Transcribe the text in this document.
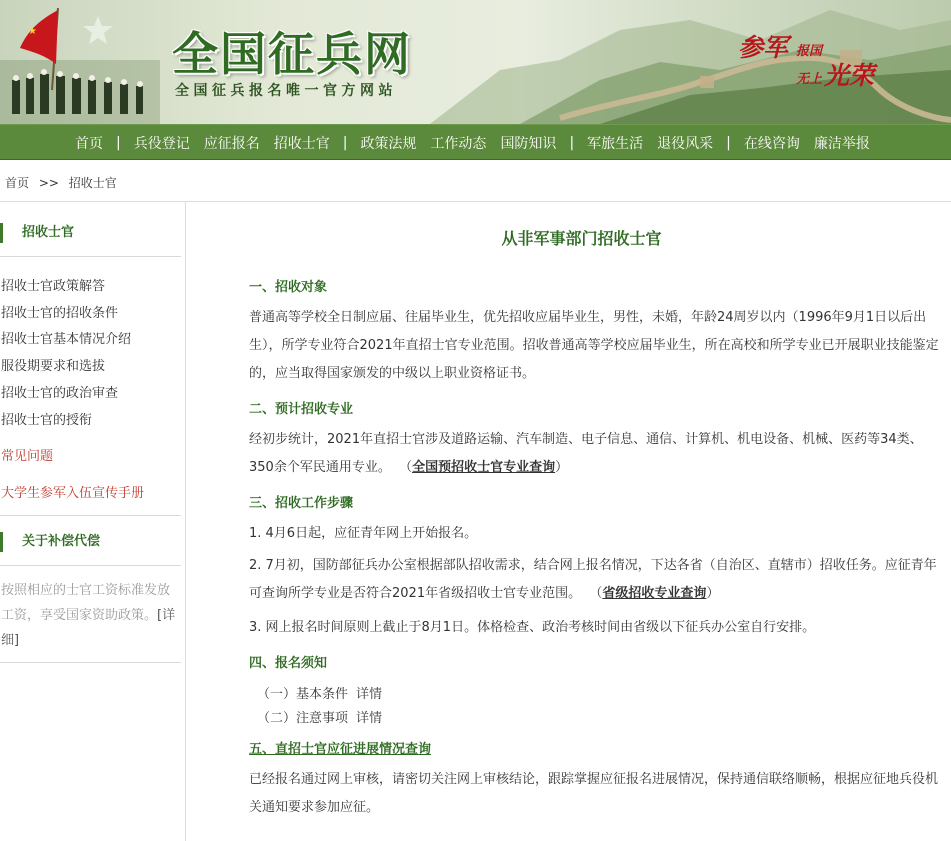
★	全国征兵网
全国征兵报名唯一官方网站
参军 报国
无上 光荣
首页 | 兵役登记	应征报名	招收士官 | 政策法规	工作动态	国防知识 | 军旅生活	退役风采 | 在线咨询	廉洁举报
首页 >> 招收士官
招收士官
招收士官政策解答
招收士官的招收条件
招收士官基本情况介绍
服役期要求和选拔
招收士官的政治审查
招收士官的授衔
常见问题
大学生参军入伍宣传手册
关于补偿代偿
按照相应的士官工资标准发放工资，享受国家资助政策。[详细]
从非军事部门招收士官
一、招收对象
普通高等学校全日制应届、往届毕业生，优先招收应届毕业生，男性，未婚，年龄24周岁以内（1996年9月1日以后出生），所学专业符合2021年直招士官专业范围。招收普通高等学校应届毕业生，所在高校和所学专业已开展职业技能鉴定的，应当取得国家颁发的中级以上职业资格证书。
二、预计招收专业
经初步统计，2021年直招士官涉及道路运输、汽车制造、电子信息、通信、计算机、机电设备、机械、医药等34类、350余个军民通用专业。  （全国预招收士官专业查询）
三、招收工作步骤
1. 4月6日起，应征青年网上开始报名。
2. 7月初，国防部征兵办公室根据部队招收需求，结合网上报名情况，下达各省（自治区、直辖市）招收任务。应征青年可查询所学专业是否符合2021年省级招收士官专业范围。  （省级招收专业查询）
3. 网上报名时间原则上截止于8月1日。体格检查、政治考核时间由省级以下征兵办公室自行安排。
四、报名须知
（一）基本条件 详情
（二）注意事项 详情
五、直招士官应征进展情况查询
已经报名通过网上审核，请密切关注网上审核结论，跟踪掌握应征报名进展情况，保持通信联络顺畅，根据应征地兵役机关通知要求参加应征。
